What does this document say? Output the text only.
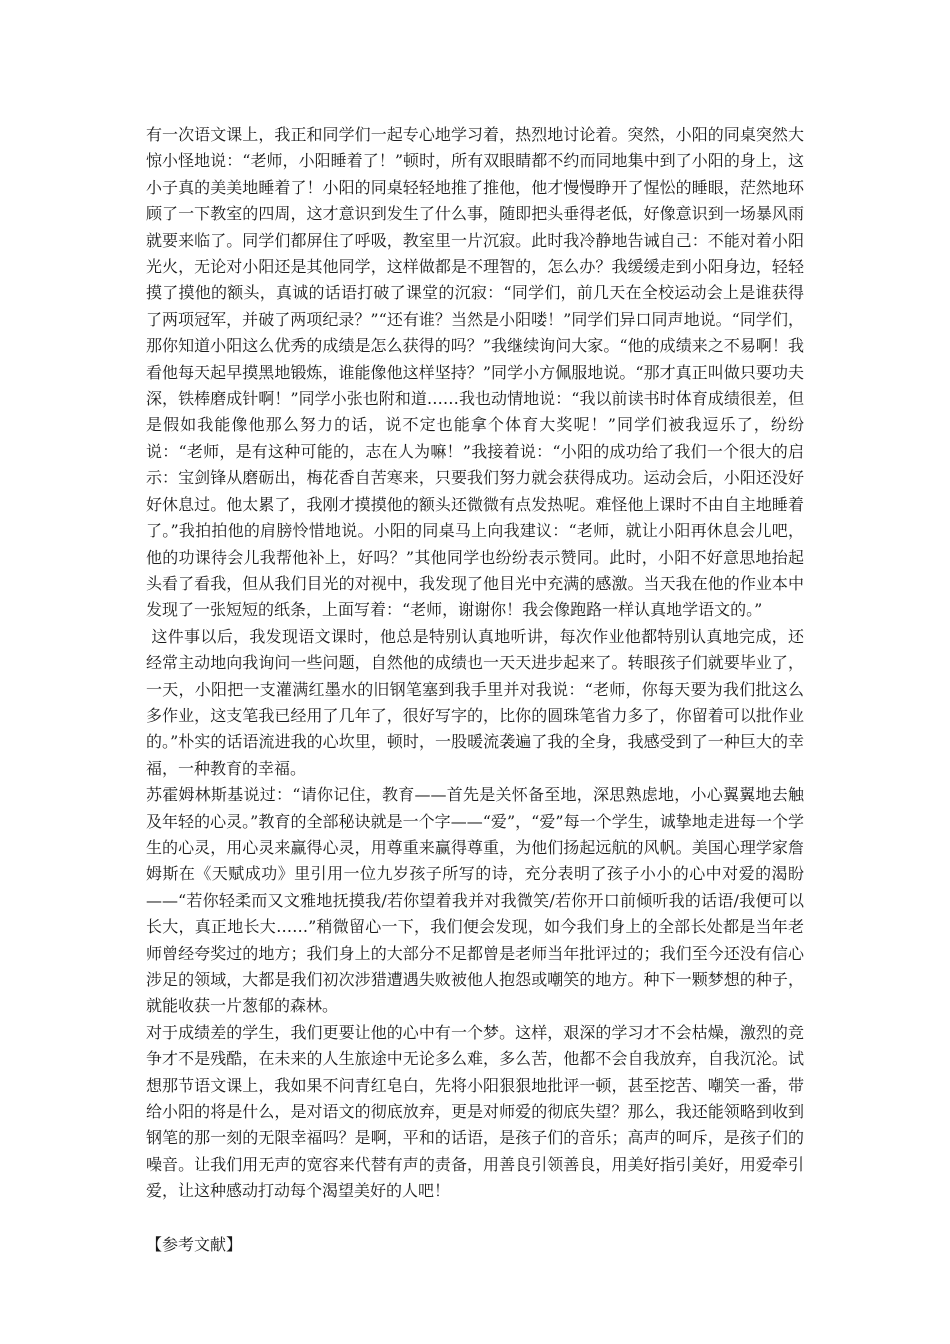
有一次语文课上，我正和同学们一起专心地学习着，热烈地讨论着。突然，小阳的同桌突然大惊小怪地说：“老师，小阳睡着了！”顿时，所有双眼睛都不约而同地集中到了小阳的身上，这小子真的美美地睡着了！小阳的同桌轻轻地推了推他，他才慢慢睁开了惺忪的睡眼，茫然地环顾了一下教室的四周，这才意识到发生了什么事，随即把头垂得老低，好像意识到一场暴风雨就要来临了。同学们都屏住了呼吸，教室里一片沉寂。此时我冷静地告诫自己：不能对着小阳光火，无论对小阳还是其他同学，这样做都是不理智的，怎么办？我缓缓走到小阳身边，轻轻摸了摸他的额头，真诚的话语打破了课堂的沉寂：“同学们，前几天在全校运动会上是谁获得了两项冠军，并破了两项纪录？”“还有谁？当然是小阳喽！”同学们异口同声地说。“同学们，那你知道小阳这么优秀的成绩是怎么获得的吗？”我继续询问大家。“他的成绩来之不易啊！我看他每天起早摸黑地锻炼，谁能像他这样坚持？”同学小方佩服地说。“那才真正叫做只要功夫深，铁棒磨成针啊！”同学小张也附和道……我也动情地说：“我以前读书时体育成绩很差，但是假如我能像他那么努力的话，说不定也能拿个体育大奖呢！”同学们被我逗乐了，纷纷说：“老师，是有这种可能的，志在人为嘛！”我接着说：“小阳的成功给了我们一个很大的启示：宝剑锋从磨砺出，梅花香自苦寒来，只要我们努力就会获得成功。运动会后，小阳还没好好休息过。他太累了，我刚才摸摸他的额头还微微有点发热呢。难怪他上课时不由自主地睡着了。”我拍拍他的肩膀怜惜地说。小阳的同桌马上向我建议：“老师，就让小阳再休息会儿吧，他的功课待会儿我帮他补上，好吗？”其他同学也纷纷表示赞同。此时，小阳不好意思地抬起头看了看我，但从我们目光的对视中，我发现了他目光中充满的感激。当天我在他的作业本中发现了一张短短的纸条，上面写着：“老师，谢谢你！我会像跑路一样认真地学语文的。”

这件事以后，我发现语文课时，他总是特别认真地听讲，每次作业他都特别认真地完成，还经常主动地向我询问一些问题，自然他的成绩也一天天进步起来了。转眼孩子们就要毕业了，一天，小阳把一支灌满红墨水的旧钢笔塞到我手里并对我说：“老师，你每天要为我们批这么多作业，这支笔我已经用了几年了，很好写字的，比你的圆珠笔省力多了，你留着可以批作业的。”朴实的话语流进我的心坎里，顿时，一股暖流袭遍了我的全身，我感受到了一种巨大的幸福，一种教育的幸福。

苏霍姆林斯基说过：“请你记住，教育——首先是关怀备至地，深思熟虑地，小心翼翼地去触及年轻的心灵。”教育的全部秘诀就是一个字——“爱”，“爱”每一个学生，诚挚地走进每一个学生的心灵，用心灵来赢得心灵，用尊重来赢得尊重，为他们扬起远航的风帆。美国心理学家詹姆斯在《天赋成功》里引用一位九岁孩子所写的诗，充分表明了孩子小小的心中对爱的渴盼——“若你轻柔而又文雅地抚摸我/若你望着我并对我微笑/若你开口前倾听我的话语/我便可以长大，真正地长大……”稍微留心一下，我们便会发现，如今我们身上的全部长处都是当年老师曾经夸奖过的地方；我们身上的大部分不足都曾是老师当年批评过的；我们至今还没有信心涉足的领域，大都是我们初次涉猎遭遇失败被他人抱怨或嘲笑的地方。种下一颗梦想的种子，就能收获一片葱郁的森林。

对于成绩差的学生，我们更要让他的心中有一个梦。这样，艰深的学习才不会枯燥，激烈的竞争才不是残酷，在未来的人生旅途中无论多么难，多么苦，他都不会自我放弃，自我沉沦。试想那节语文课上，我如果不问青红皂白，先将小阳狠狠地批评一顿，甚至挖苦、嘲笑一番，带给小阳的将是什么，是对语文的彻底放弃，更是对师爱的彻底失望？那么，我还能领略到收到钢笔的那一刻的无限幸福吗？是啊，平和的话语，是孩子们的音乐；高声的呵斥，是孩子们的噪音。让我们用无声的宽容来代替有声的责备，用善良引领善良，用美好指引美好，用爱牵引爱，让这种感动打动每个渴望美好的人吧！

【参考文献】
